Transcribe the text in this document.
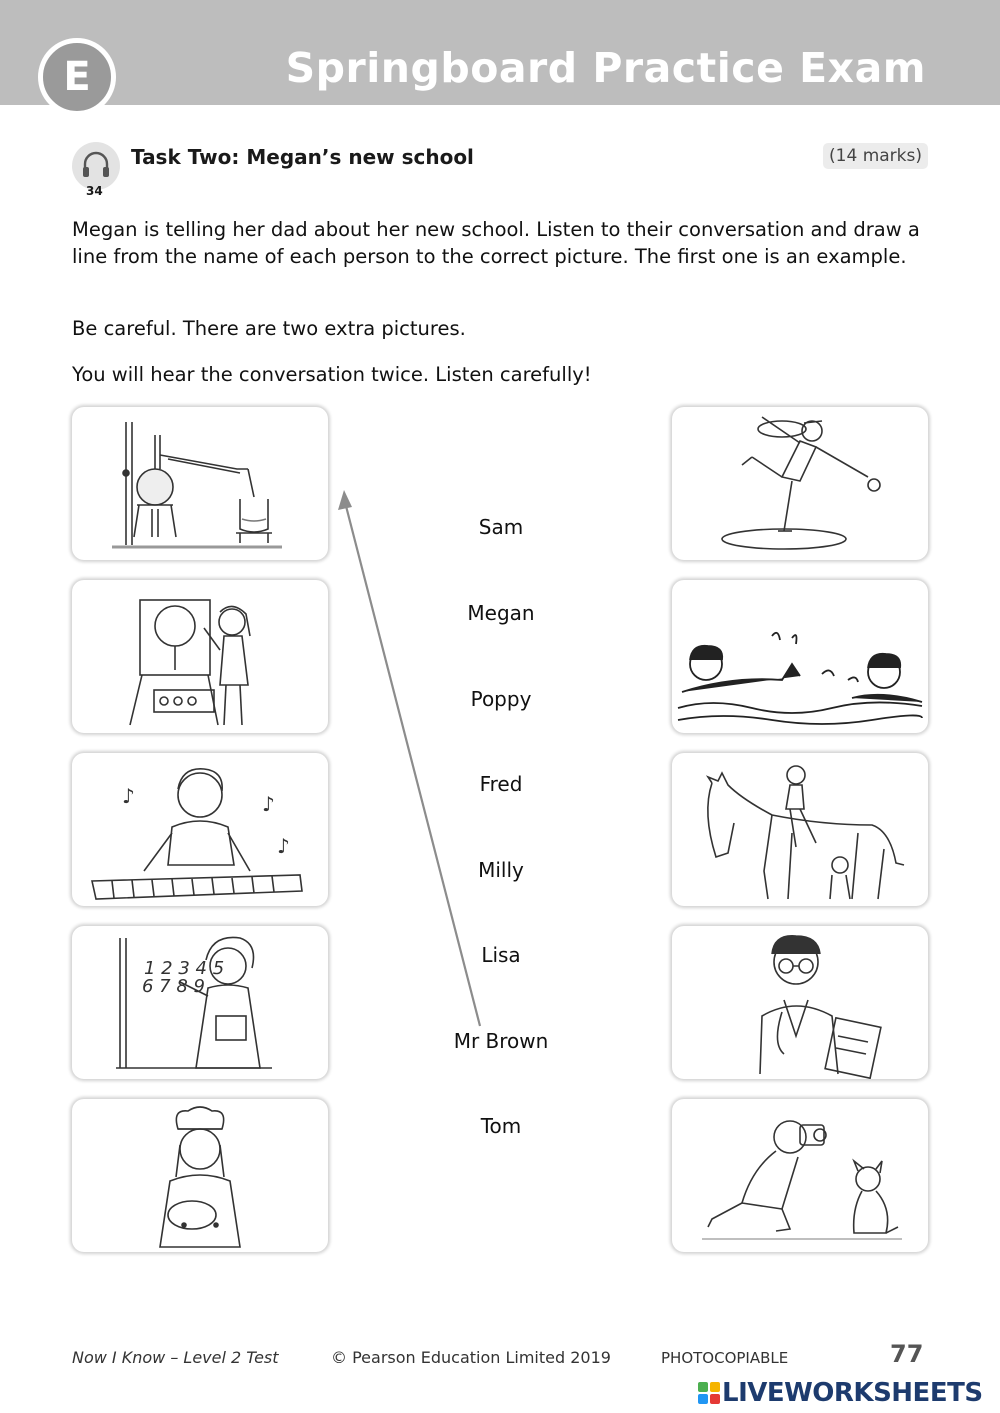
Springboard Practice Exam
E
34
Task Two: Megan’s new school	(14 marks)

Megan is telling her dad about her new school. Listen to their conversation and draw a line from the name of each person to the correct picture. The first one is an example.

Be careful. There are two extra pictures.

You will hear the conversation twice. Listen carefully!

♪	♪
♪
1 2 3 4 5
6 7 8 9
Sam
Megan
Poppy
Fred
Milly
Lisa
Mr Brown
Tom
Now I Know – Level 2 Test	© Pearson Education Limited 2019	PHOTOCOPIABLE	77
LIVEWORKSHEETS
